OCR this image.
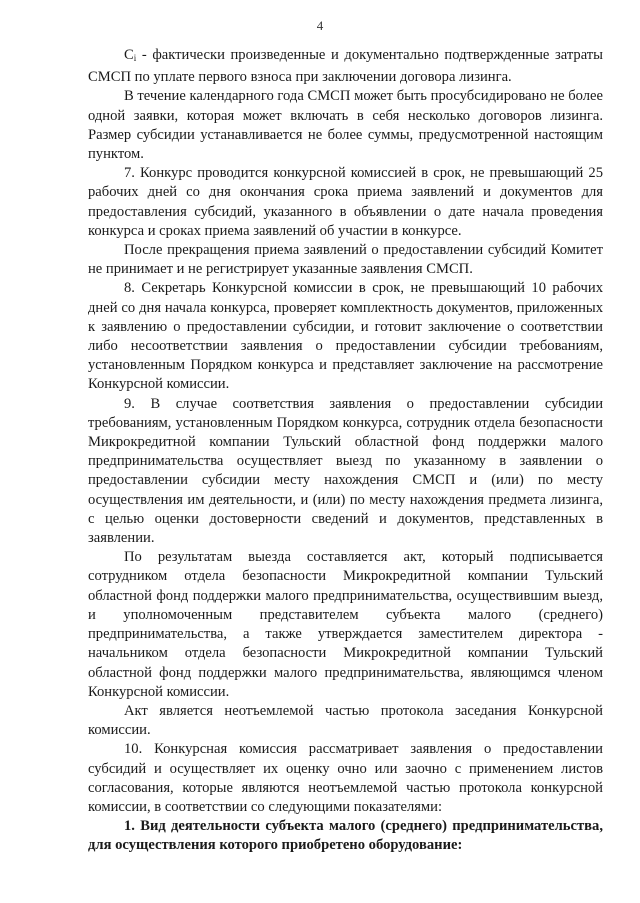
4

$C_i$ - фактически произведенные и документально подтвержденные затраты СМСП по уплате первого взноса при заключении договора лизинга.

В течение календарного года СМСП может быть просубсидировано не более одной заявки, которая может включать в себя несколько договоров лизинга. Размер субсидии устанавливается не более суммы, предусмотренной настоящим пунктом.

7. Конкурс проводится конкурсной комиссией в срок, не превышающий 25 рабочих дней со дня окончания срока приема заявлений и документов для предоставления субсидий, указанного в объявлении о дате начала проведения конкурса и сроках приема заявлений об участии в конкурсе.

После прекращения приема заявлений о предоставлении субсидий Комитет не принимает и не регистрирует указанные заявления СМСП.

8. Секретарь Конкурсной комиссии в срок, не превышающий 10 рабочих дней со дня начала конкурса, проверяет комплектность документов, приложенных к заявлению о предоставлении субсидии, и готовит заключение о соответствии либо несоответствии заявления о предоставлении субсидии требованиям, установленным Порядком конкурса и представляет заключение на рассмотрение Конкурсной комиссии.

9. В случае соответствия заявления о предоставлении субсидии требованиям, установленным Порядком конкурса, сотрудник отдела безопасности Микрокредитной компании Тульский областной фонд поддержки малого предпринимательства осуществляет выезд по указанному в заявлении о предоставлении субсидии месту нахождения СМСП и (или) по месту осуществления им деятельности, и (или) по месту нахождения предмета лизинга, с целью оценки достоверности сведений и документов, представленных в заявлении.

По результатам выезда составляется акт, который подписывается сотрудником отдела безопасности Микрокредитной компании Тульский областной фонд поддержки малого предпринимательства, осуществившим выезд, и уполномоченным представителем субъекта малого (среднего) предпринимательства, а также утверждается заместителем директора - начальником отдела безопасности Микрокредитной компании Тульский областной фонд поддержки малого предпринимательства, являющимся членом Конкурсной комиссии.

Акт является неотъемлемой частью протокола заседания Конкурсной комиссии.

10. Конкурсная комиссия рассматривает заявления о предоставлении субсидий и осуществляет их оценку очно или заочно с применением листов согласования, которые являются неотъемлемой частью протокола конкурсной комиссии, в соответствии со следующими показателями:

1. Вид деятельности субъекта малого (среднего) предпринимательства, для осуществления которого приобретено оборудование:
